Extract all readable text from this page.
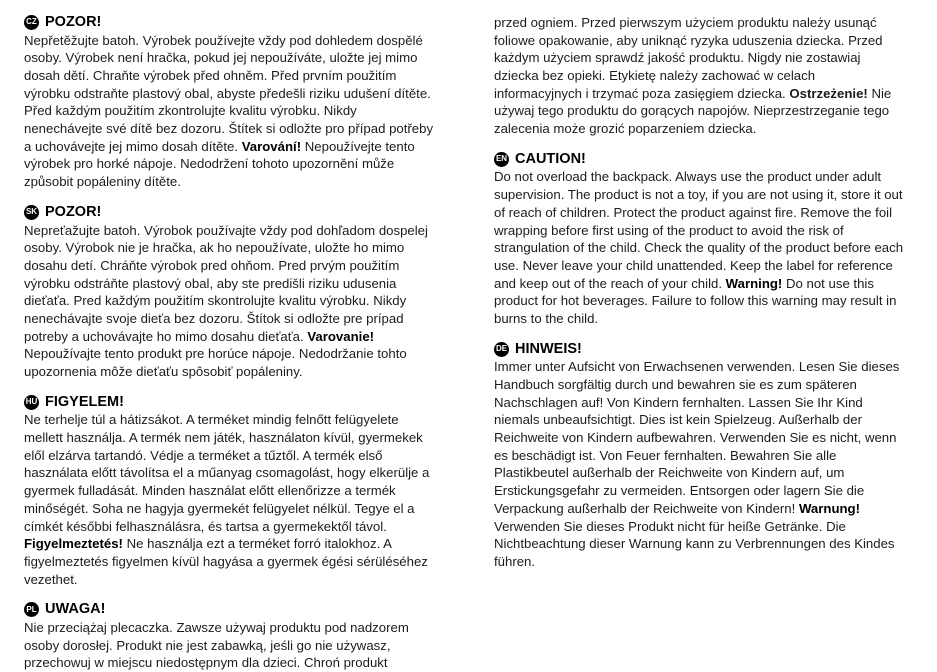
CZ POZOR!

Nepřetěžujte batoh. Výrobek používejte vždy pod dohledem dospělé osoby. Výrobek není hračka, pokud jej nepoužíváte, uložte jej mimo dosah dětí. Chraňte výrobek před ohněm. Před prvním použitím výrobku odstraňte plastový obal, abyste předešli riziku udušení dítěte. Před každým použitím zkontrolujte kvalitu výrobku. Nikdy nenechávejte své dítě bez dozoru. Štítek si odložte pro případ potřeby a uchovávejte jej mimo dosah dítěte. Varování! Nepoužívejte tento výrobek pro horké nápoje. Nedodržení tohoto upozornění může způsobit popáleniny dítěte.

SK POZOR!

Nepreťažujte batoh. Výrobok používajte vždy pod dohľadom dospelej osoby. Výrobok nie je hračka, ak ho nepoužívate, uložte ho mimo dosahu detí. Chráňte výrobok pred ohňom. Pred prvým použitím výrobku odstráňte plastový obal, aby ste predišli riziku udusenia dieťaťa. Pred každým použitím skontrolujte kvalitu výrobku. Nikdy nenechávajte svoje dieťa bez dozoru. Štítok si odložte pre prípad potreby a uchovávajte ho mimo dosahu dieťaťa. Varovanie! Nepoužívajte tento produkt pre horúce nápoje. Nedodržanie tohto upozornenia môže dieťaťu spôsobiť popáleniny.

HU FIGYELEM!

Ne terhelje túl a hátizsákot. A terméket mindig felnőtt felügyelete mellett használja. A termék nem játék, használaton kívül, gyermekek elől elzárva tartandó. Védje a terméket a tűztől. A termék első használata előtt távolítsa el a műanyag csomagolást, hogy elkerülje a gyermek fulladását. Minden használat előtt ellenőrizze a termék minőségét. Soha ne hagyja gyermekét felügyelet nélkül. Tegye el a címkét későbbi felhasználásra, és tartsa a gyermekektől távol. Figyelmeztetés! Ne használja ezt a terméket forró italokhoz. A figyelmeztetés figyelmen kívül hagyása a gyermek égési sérüléséhez vezethet.

PL UWAGA!

Nie przeciążaj plecaczka. Zawsze używaj produktu pod nadzorem osoby dorosłej. Produkt nie jest zabawką, jeśli go nie używasz, przechowuj w miejscu niedostępnym dla dzieci. Chroń produkt

przed ogniem. Przed pierwszym użyciem produktu należy usunąć foliowe opakowanie, aby uniknąć ryzyka uduszenia dziecka. Przed każdym użyciem sprawdź jakość produktu. Nigdy nie zostawiaj dziecka bez opieki. Etykietę należy zachować w celach informacyjnych i trzymać poza zasięgiem dziecka. Ostrzeżenie! Nie używaj tego produktu do gorących napojów. Nieprzestrzeganie tego zalecenia może grozić poparzeniem dziecka.

EN CAUTION!

Do not overload the backpack. Always use the product under adult supervision. The product is not a toy, if you are not using it, store it out of reach of children. Protect the product against fire. Remove the foil wrapping before first using of the product to avoid the risk of strangulation of the child. Check the quality of the product before each use. Never leave your child unattended. Keep the label for reference and keep out of the reach of your child. Warning! Do not use this product for hot beverages. Failure to follow this warning may result in burns to the child.

DE HINWEIS!

Immer unter Aufsicht von Erwachsenen verwenden. Lesen Sie dieses Handbuch sorgfältig durch und bewahren sie es zum späteren Nachschlagen auf! Von Kindern fernhalten. Lassen Sie Ihr Kind niemals unbeaufsichtigt. Dies ist kein Spielzeug. Außerhalb der Reichweite von Kindern aufbewahren. Verwenden Sie es nicht, wenn es beschädigt ist. Von Feuer fernhalten. Bewahren Sie alle Plastikbeutel außerhalb der Reichweite von Kindern auf, um Erstickungsgefahr zu vermeiden. Entsorgen oder lagern Sie die Verpackung außerhalb der Reichweite von Kindern! Warnung! Verwenden Sie dieses Produkt nicht für heiße Getränke. Die Nichtbeachtung dieser Warnung kann zu Verbrennungen des Kindes führen.
